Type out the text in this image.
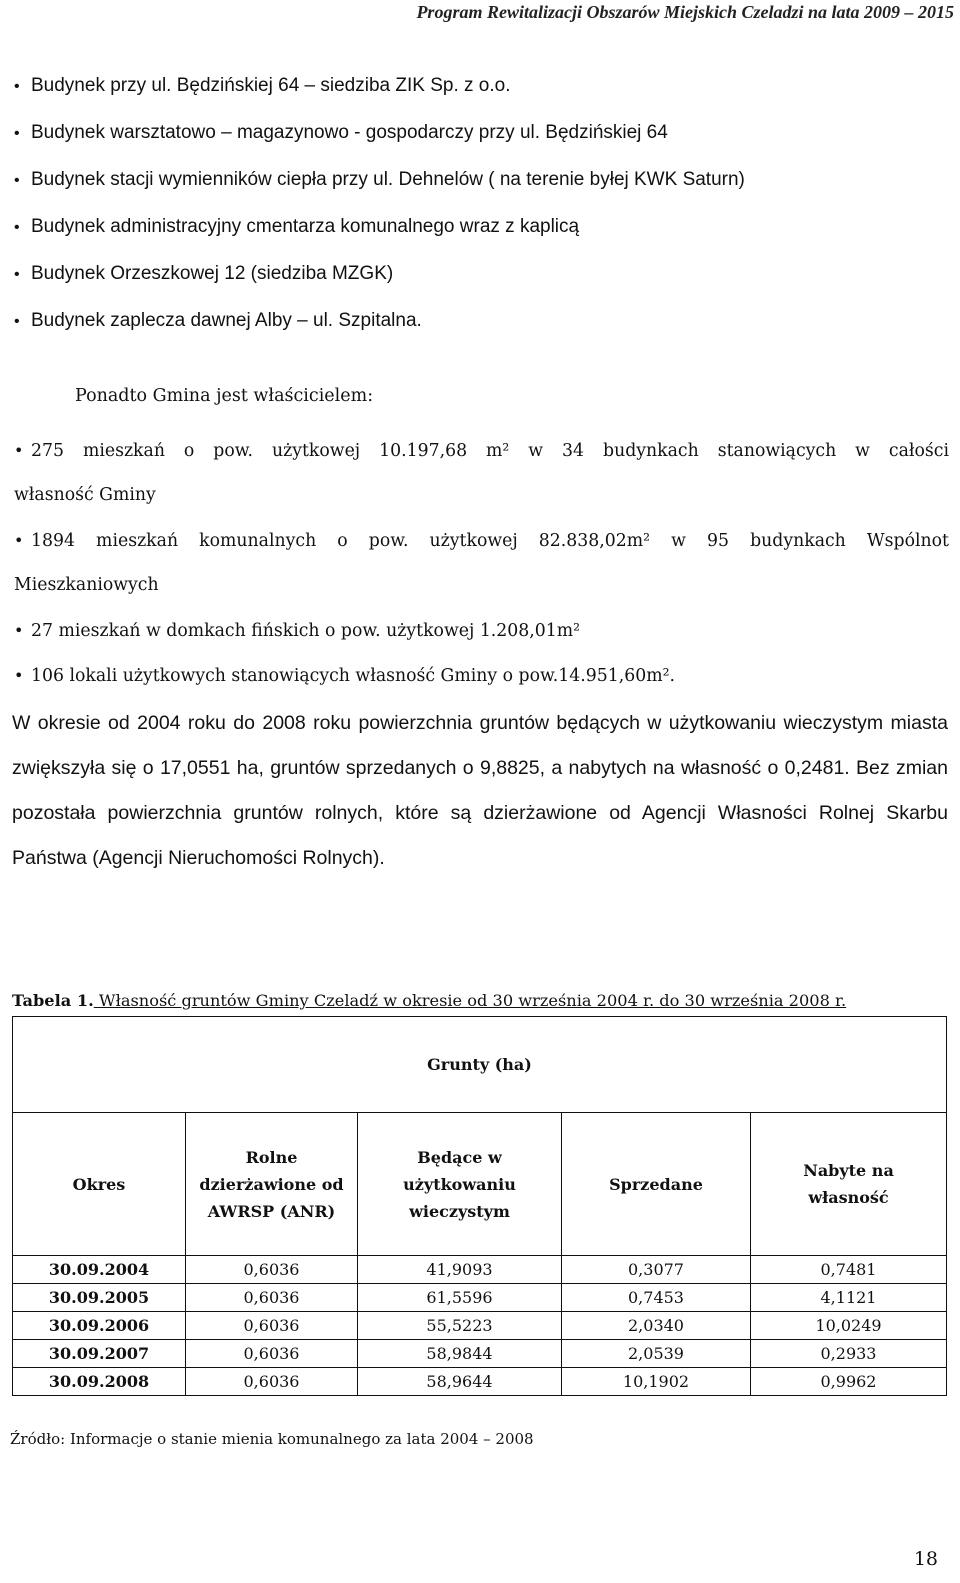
Program Rewitalizacji Obszarów Miejskich Czeladzi na lata 2009 – 2015
• Budynek przy ul. Będzińskiej 64 – siedziba ZIK Sp. z o.o.
• Budynek warsztatowo – magazynowo - gospodarczy przy ul. Będzińskiej 64
• Budynek stacji wymienników ciepła przy ul. Dehnelów ( na terenie byłej KWK Saturn)
• Budynek administracyjny cmentarza komunalnego wraz z kaplicą
• Budynek Orzeszkowej 12 (siedziba MZGK)
• Budynek zaplecza dawnej Alby – ul. Szpitalna.
Ponadto Gmina jest właścicielem:
• 275 mieszkań o pow. użytkowej 10.197,68 m² w 34 budynkach stanowiących w całości
własność Gminy
• 1894 mieszkań komunalnych o pow. użytkowej 82.838,02m² w 95 budynkach Wspólnot
Mieszkaniowych
• 27 mieszkań w domkach fińskich o pow. użytkowej 1.208,01m²
• 106 lokali użytkowych stanowiących własność Gminy o pow.14.951,60m².
W okresie od 2004 roku do 2008 roku powierzchnia gruntów będących w użytkowaniu wieczystym miasta zwiększyła się o 17,0551 ha, gruntów sprzedanych o 9,8825, a nabytych na własność o 0,2481. Bez zmian pozostała powierzchnia gruntów rolnych, które są dzierżawione od Agencji Własności Rolnej Skarbu Państwa (Agencji Nieruchomości Rolnych).
Tabela 1. Własność gruntów Gminy Czeladź w okresie od 30 września 2004 r. do 30 września 2008 r.
Grunty (ha)				
Okres	Rolne dzierżawione od AWRSP (ANR)	Będące w użytkowaniu wieczystym	Sprzedane	Nabyte na własność

30.09.2004	0,6036	41,9093	0,3077	0,7481
30.09.2005	0,6036	61,5596	0,7453	4,1121
30.09.2006	0,6036	55,5223	2,0340	10,0249
30.09.2007	0,6036	58,9844	2,0539	0,2933
30.09.2008	0,6036	58,9644	10,1902	0,9962
Źródło: Informacje o stanie mienia komunalnego za lata 2004 – 2008
18
